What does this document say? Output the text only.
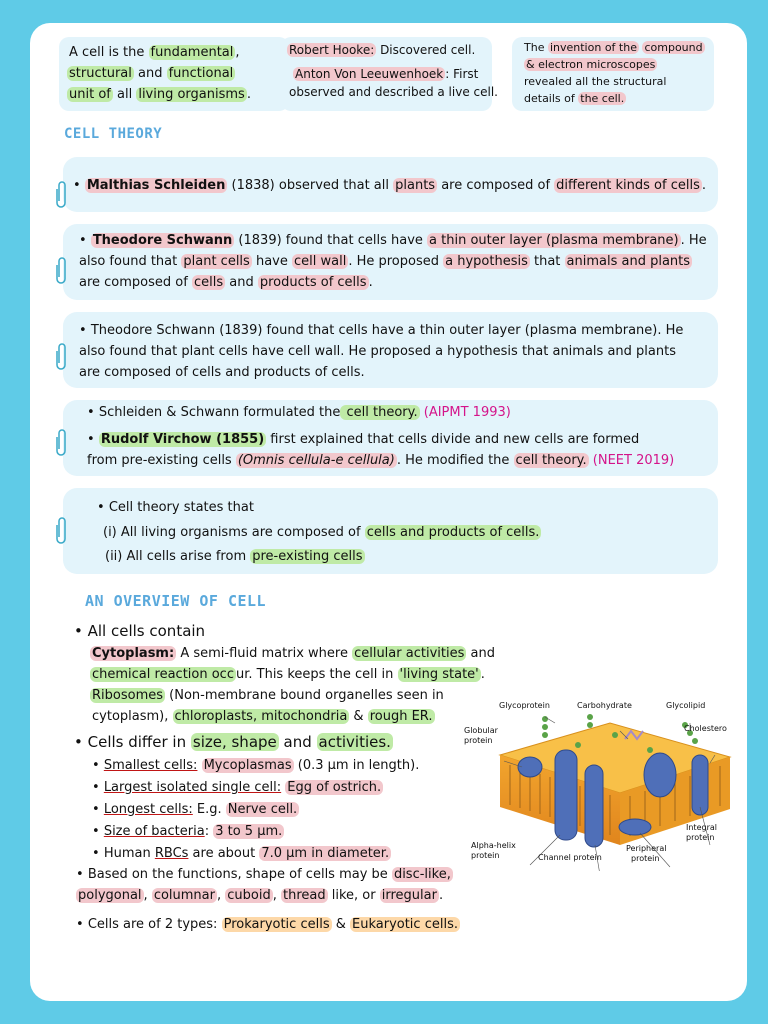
A cell is the fundamental ,
structural and functional
unit of all living organisms .
Robert Hooke: Discovered cell.
Anton Von Leeuwenhoek : First
observed and described a live cell.
The invention of the compound
& electron microscopes
revealed all the structural
details of the cell.
CELL THEORY
• Malthias Schleiden (1838) observed that all plants are composed of different kinds of cells .
• Theodore Schwann (1839) found that cells have a thin outer layer (plasma membrane) . He
also found that plant cells have cell wall . He proposed a hypothesis that animals and plants
are composed of cells and products of cells .
• Theodore Schwann (1839) found that cells have a thin outer layer (plasma membrane). He
also found that plant cells have cell wall. He proposed a hypothesis that animals and plants
are composed of cells and products of cells.
• Schleiden & Schwann formulated the cell theory. (AIPMT 1993)
• Rudolf Virchow (1855) first explained that cells divide and new cells are formed
from pre-existing cells (Omnis cellula-e cellula) . He modified the cell theory. (NEET 2019)
• Cell theory states that
(i) All living organisms are composed of cells and products of cells.
(ii) All cells arise from pre-existing cells
AN OVERVIEW OF CELL
• All cells contain
Cytoplasm: A semi-fluid matrix where cellular activities and
chemical reaction occ ur. This keeps the cell in 'living state' .
Ribosomes (Non-membrane bound organelles seen in
cytoplasm), chloroplasts, mitochondria & rough ER.
• Cells differ in size, shape and activities.
• Smallest cells: Mycoplasmas (0.3 μm in length).
• Largest isolated single cell: Egg of ostrich.
• Longest cells: E.g. Nerve cell.
• Size of bacteria: 3 to 5 μm.
• Human RBCs are about 7.0 μm in diameter.
• Based on the functions, shape of cells may be disc-like,
polygonal , columnar , cuboid , thread like, or irregular .
• Cells are of 2 types: Prokaryotic cells & Eukaryotic cells.
Glycoprotein	Carbohydrate	Glycolipid
Cholestero
Globular
protein
Integral
protein
Alpha-helix
protein	Channel protein
Peripheral
protein
